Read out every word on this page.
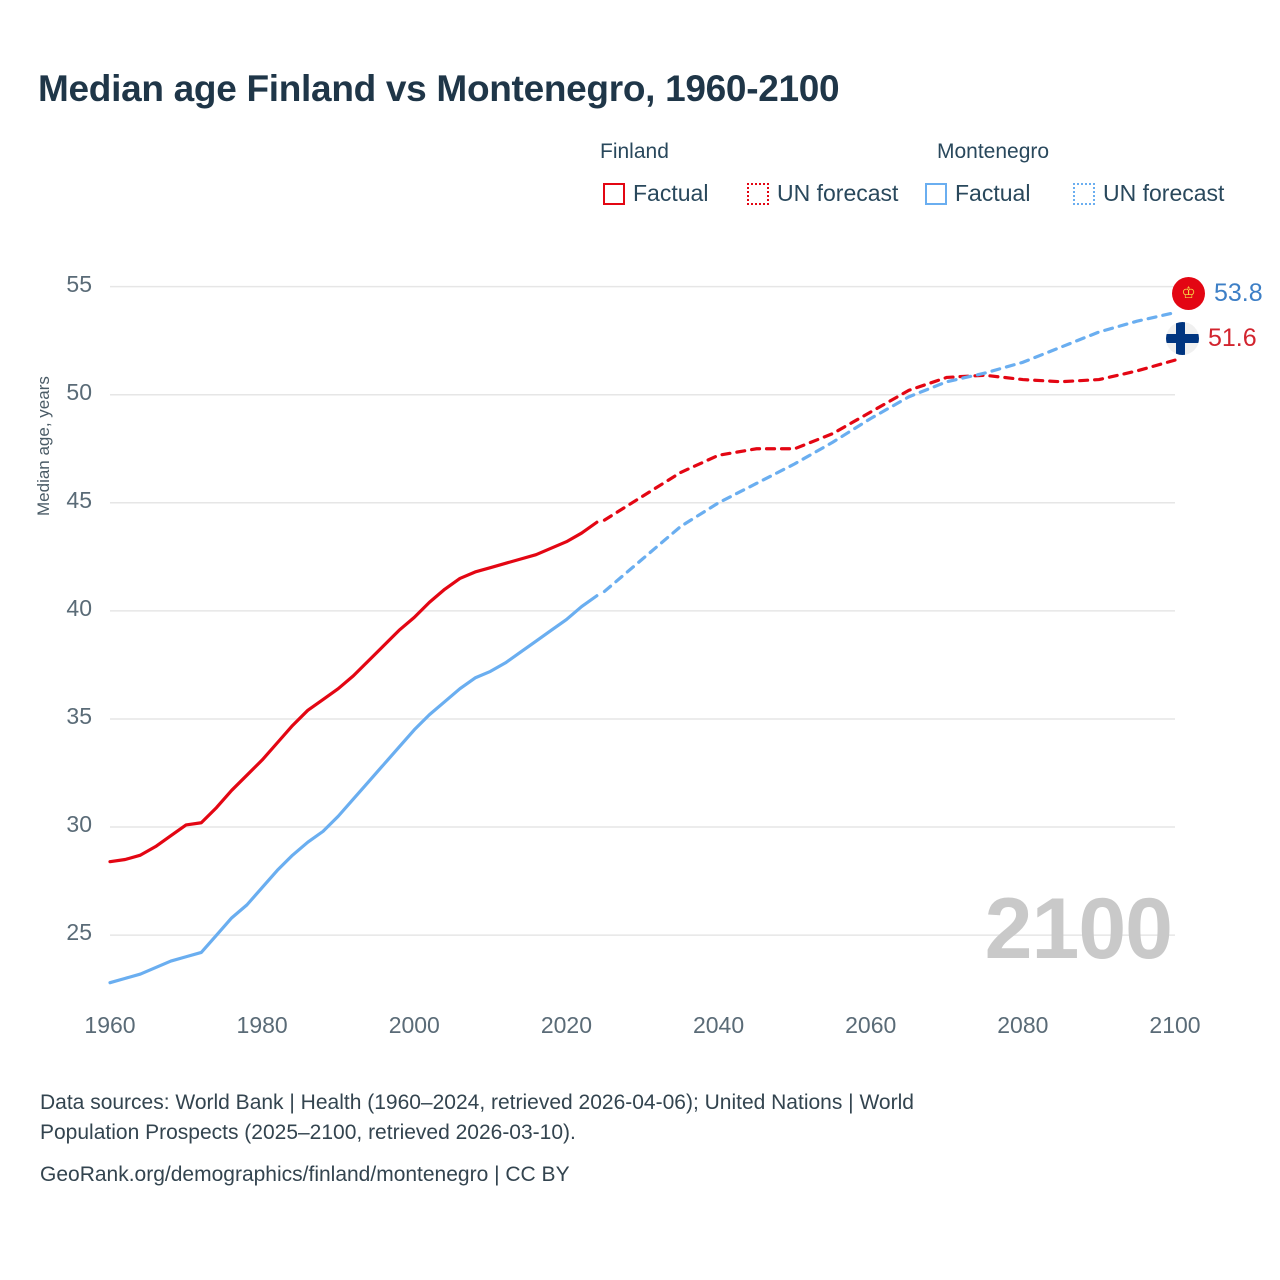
Median age Finland vs Montenegro, 1960-2100
Finland	Montenegro
Factual	UN forecast Factual	UN forecast
Median age, years
25
30
35
40
45
50
55
1960	1980	2000	2020	2040	2060	2080	2100
2100
♔ 53.8
51.6
Data sources: World Bank | Health (1960–2024, retrieved 2026-04-06); United Nations | World
Population Prospects (2025–2100, retrieved 2026-03-10).
GeoRank.org/demographics/finland/montenegro | CC BY
